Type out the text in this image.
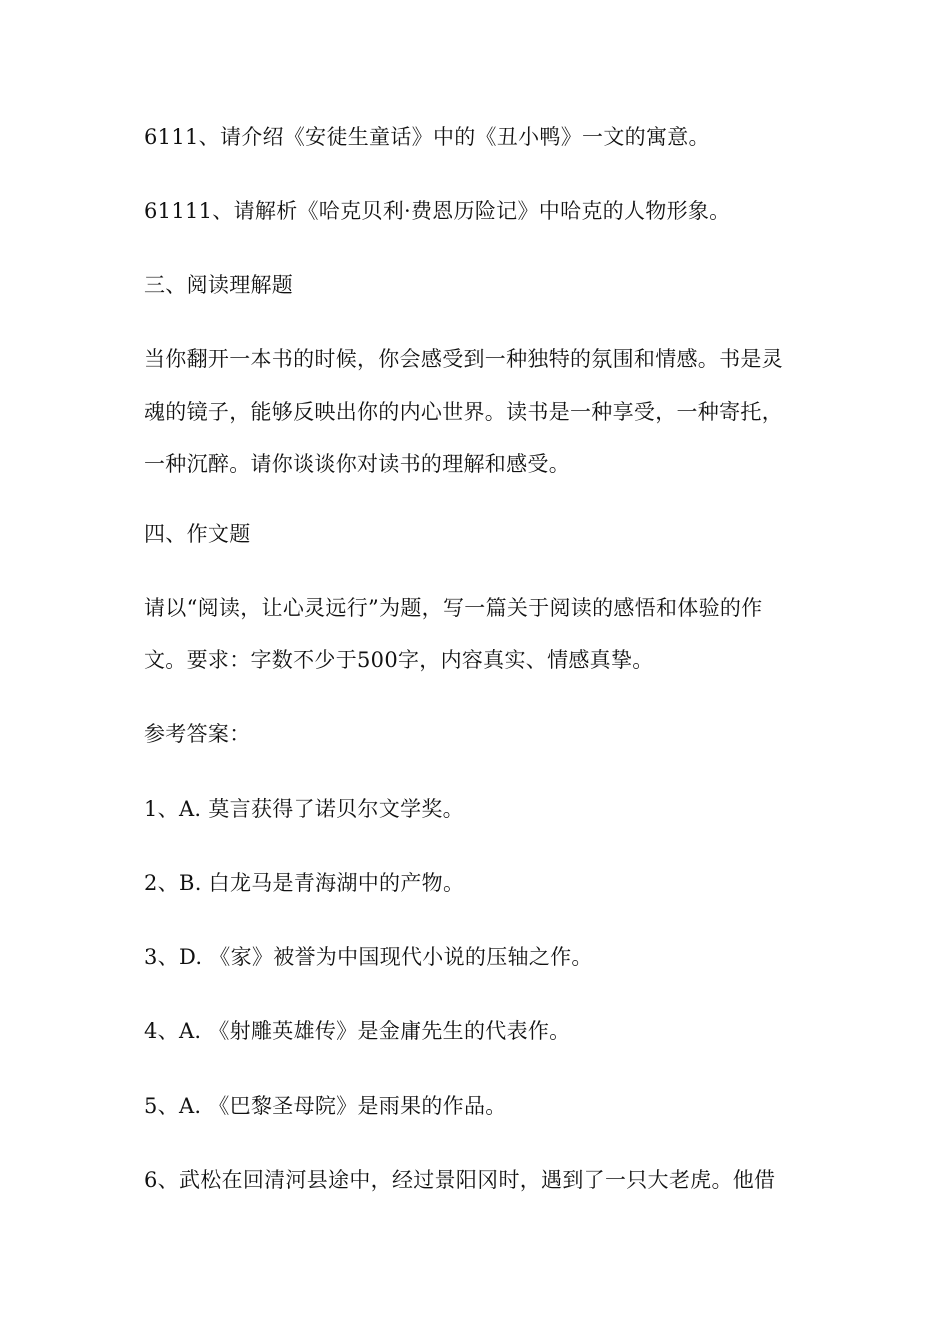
6111、请介绍《安徒生童话》中的《丑小鸭》一文的寓意。
61111、请解析《哈克贝利·费恩历险记》中哈克的人物形象。
三、阅读理解题
当你翻开一本书的时候，你会感受到一种独特的氛围和情感。书是灵
魂的镜子，能够反映出你的内心世界。读书是一种享受，一种寄托，
一种沉醉。请你谈谈你对读书的理解和感受。
四、作文题
请以“阅读，让心灵远行”为题，写一篇关于阅读的感悟和体验的作
文。要求：字数不少于500字，内容真实、情感真挚。
参考答案：
1、A. 莫言获得了诺贝尔文学奖。
2、B. 白龙马是青海湖中的产物。
3、D. 《家》被誉为中国现代小说的压轴之作。
4、A. 《射雕英雄传》是金庸先生的代表作。
5、A. 《巴黎圣母院》是雨果的作品。
6、武松在回清河县途中，经过景阳冈时，遇到了一只大老虎。他借
